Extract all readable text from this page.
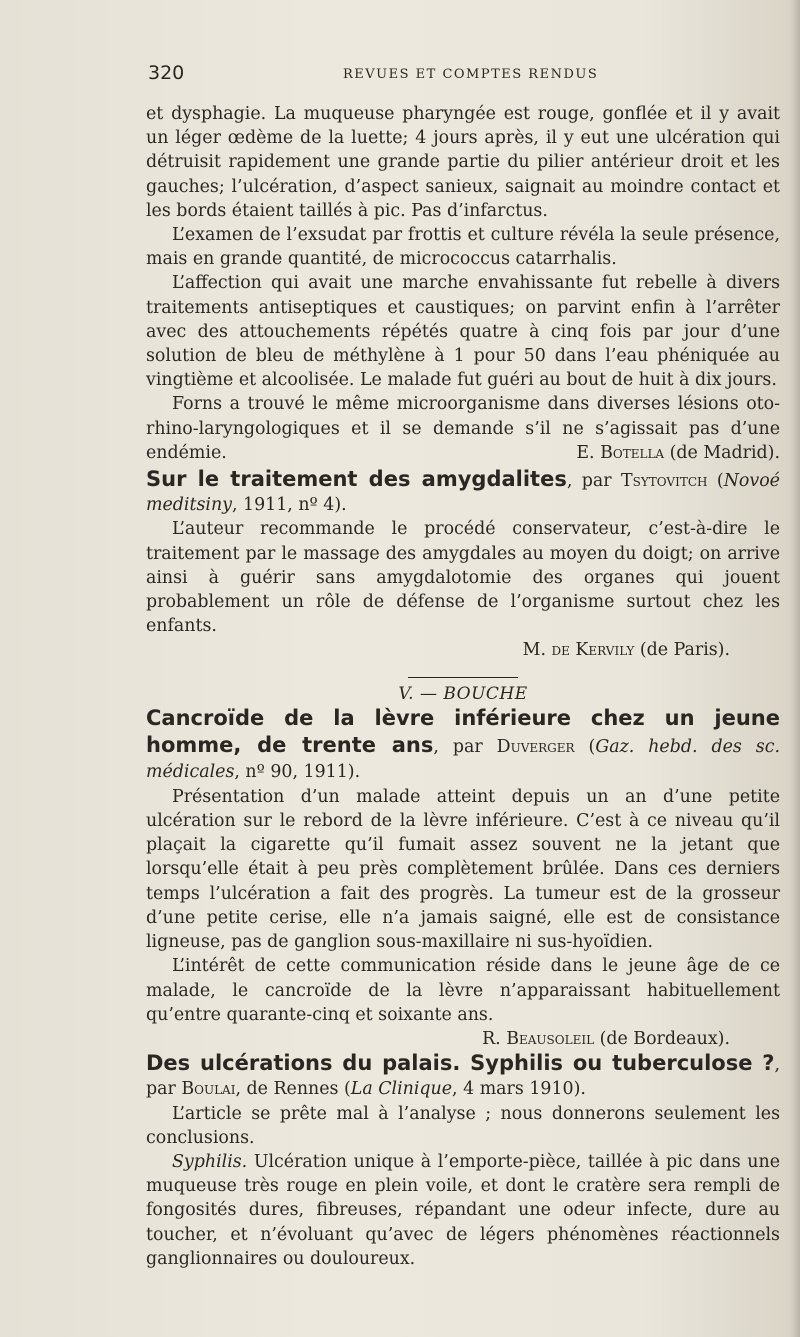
320	REVUES ET COMPTES RENDUS

et dysphagie. La muqueuse pharyngée est rouge, gonflée et il y avait un léger œdème de la luette; 4 jours après, il y eut une ulcération qui détruisit rapidement une grande partie du pilier antérieur droit et les gauches; l’ulcération, d’aspect sanieux, saignait au moindre contact et les bords étaient taillés à pic. Pas d’infarctus.

L’examen de l’exsudat par frottis et culture révéla la seule présence, mais en grande quantité, de micrococcus catarrhalis.

L’affection qui avait une marche envahissante fut rebelle à divers traitements antiseptiques et caustiques; on parvint enfin à l’arrêter avec des attouchements répétés quatre à cinq fois par jour d’une solution de bleu de méthylène à 1 pour 50 dans l’eau phéniquée au vingtième et alcoolisée. Le malade fut guéri au bout de huit à dix jours.

Forns a trouvé le même microorganisme dans diverses lésions oto-rhino-laryngologiques et il se demande s’il ne s’agissait pas d’une endémie.	E. Botella (de Madrid).

Sur le traitement des amygdalites, par Tsytovitch (Novoé meditsiny, 1911, nº 4).

L’auteur recommande le procédé conservateur, c’est-à-dire le traitement par le massage des amygdales au moyen du doigt; on arrive ainsi à guérir sans amygdalotomie des organes qui jouent probablement un rôle de défense de l’organisme surtout chez les enfants.

M. de Kervily (de Paris).

V. — BOUCHE

Cancroïde de la lèvre inférieure chez un jeune homme, de trente ans, par Duverger (Gaz. hebd. des sc. médicales, nº 90, 1911).

Présentation d’un malade atteint depuis un an d’une petite ulcération sur le rebord de la lèvre inférieure. C’est à ce niveau qu’il plaçait la cigarette qu’il fumait assez souvent ne la jetant que lorsqu’elle était à peu près complètement brûlée. Dans ces derniers temps l’ulcération a fait des progrès. La tumeur est de la grosseur d’une petite cerise, elle n’a jamais saigné, elle est de consistance ligneuse, pas de ganglion sous-maxillaire ni sus-hyoïdien.

L’intérêt de cette communication réside dans le jeune âge de ce malade, le cancroïde de la lèvre n’apparaissant habituellement qu’entre quarante-cinq et soixante ans.

R. Beausoleil (de Bordeaux).

Des ulcérations du palais. Syphilis ou tuberculose ?, par Boulai, de Rennes (La Clinique, 4 mars 1910).

L’article se prête mal à l’analyse ; nous donnerons seulement les conclusions.

Syphilis. Ulcération unique à l’emporte-pièce, taillée à pic dans une muqueuse très rouge en plein voile, et dont le cratère sera rempli de fongosités dures, fibreuses, répandant une odeur infecte, dure au toucher, et n’évoluant qu’avec de légers phénomènes réactionnels ganglionnaires ou douloureux.
